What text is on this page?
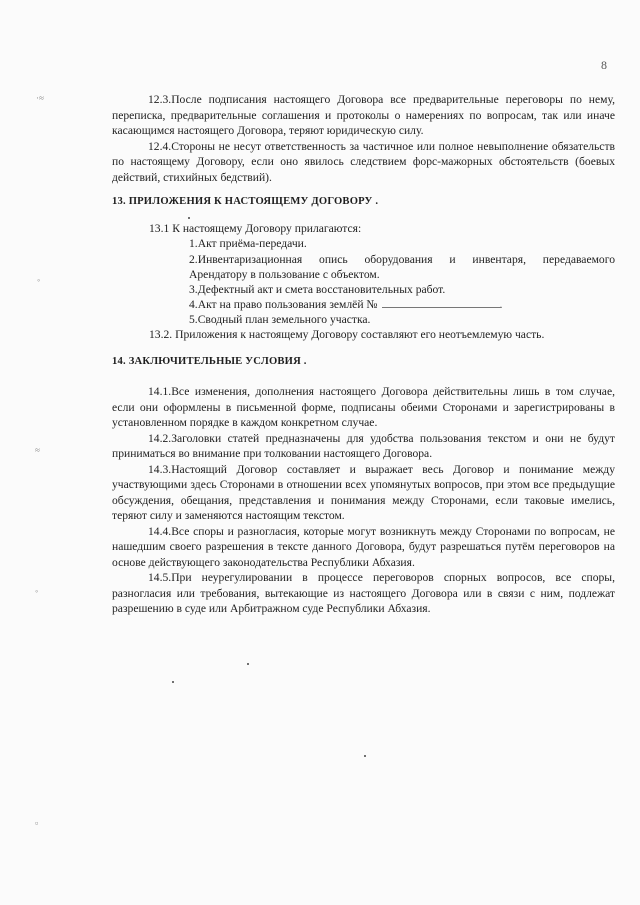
8
·≈
◦
≈
◦
▫

12.3.После подписания настоящего Договора все предварительные переговоры по нему, переписка, предварительные соглашения и протоколы о намерениях по вопросам, так или иначе касающимся настоящего Договора, теряют юридическую силу.

12.4.Стороны не несут ответственность за частичное или полное невыполнение обязательств по настоящему Договору, если оно явилось следствием форс-мажорных обстоятельств (боевых действий, стихийных бедствий).

13. ПРИЛОЖЕНИЯ К НАСТОЯЩЕМУ ДОГОВОРУ .
13.1 К настоящему Договору прилагаются:
1.Акт приёма-передачи.
2.Инвентаризационная опись оборудования и инвентаря, передаваемого
Арендатору в пользование с объектом.
3.Дефектный акт и смета восстановительных работ.
4.Акт на право пользования землёй №	.
5.Сводный план земельного участка.
13.2. Приложения к настоящему Договору составляют его неотъемлемую часть.
14. ЗАКЛЮЧИТЕЛЬНЫЕ УСЛОВИЯ .

14.1.Все изменения, дополнения настоящего Договора действительны лишь в том случае, если они оформлены в письменной форме, подписаны обеими Сторонами и зарегистрированы в установленном порядке в каждом конкретном случае.

14.2.Заголовки статей предназначены для удобства пользования текстом и они не будут приниматься во внимание при толковании настоящего Договора.

14.3.Настоящий Договор составляет и выражает весь Договор и понимание между участвующими здесь Сторонами в отношении всех упомянутых вопросов, при этом все предыдущие обсуждения, обещания, представления и понимания между Сторонами, если таковые имелись, теряют силу и заменяются настоящим текстом.

14.4.Все споры и разногласия, которые могут возникнуть между Сторонами по вопросам, не нашедшим своего разрешения в тексте данного Договора, будут разрешаться путём переговоров на основе действующего законодательства Республики Абхазия.

14.5.При неурегулировании в процессе переговоров спорных вопросов, все споры, разногласия или требования, вытекающие из настоящего Договора или в связи с ним, подлежат разрешению в суде или Арбитражном суде Республики Абхазия.
